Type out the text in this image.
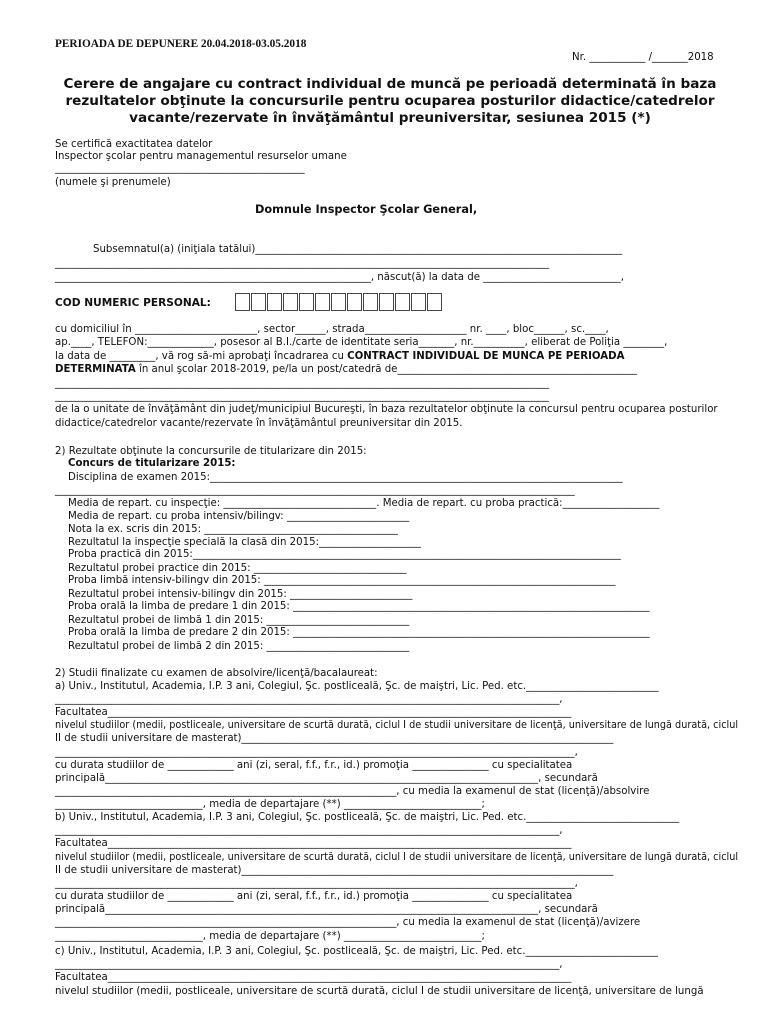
PERIOADA DE DEPUNERE 20.04.2018-03.05.2018
Nr. ___________ /_______2018
Cerere de angajare cu contract individual de muncă pe perioadă determinată în baza
rezultatelor obţinute la concursurile pentru ocuparea posturilor didactice/catedrelor
vacante/rezervate în învăţământul preuniversitar, sesiunea 2015 (*)
Se certifică exactitatea datelor
Inspector şcolar pentru managementul resurselor umane
_________________________________________________
(numele şi prenumele)
Domnule Inspector Şcolar General,
Subsemnatul(a) (iniţiala tatălui)________________________________________________________________________
_________________________________________________________________________________________________
______________________________________________________________, născut(ă) la data de ___________________________,
COD NUMERIC PERSONAL:
cu domiciliul în ________________________, sector______, strada____________________ nr. ____, bloc______, sc.____,
ap.____, TELEFON:_____________, posesor al B.I./carte de identitate seria_______, nr.__________, eliberat de Poliţia ________,
la data de _________, vă rog să-mi aprobaţi încadrarea cu CONTRACT INDIVIDUAL DE MUNCA PE PERIOADA
DETERMINATA în anul şcolar 2018-2019, pe/la un post/catedră de_______________________________________________
_________________________________________________________________________________________________
_________________________________________________________________________________________________
de la o unitate de învăţământ din judeţ/municipiul Bucureşti, în baza rezultatelor obţinute la concursul pentru ocuparea posturilor
didactice/catedrelor vacante/rezervate în învăţământul preuniversitar din 2015.
2) Rezultate obţinute la concursurile de titularizare din 2015:
Concurs de titularizare 2015:
Disciplina de examen 2015:_________________________________________________________________________________
______________________________________________________________________________________________________
Media de repart. cu inspecţie: ______________________________. Media de repart. cu proba practică:___________________
Media de repart. cu proba intensiv/bilingv: ________________________
Nota la ex. scris din 2015: ______________________________________
Rezultatul la inspecţie specială la clasă din 2015:____________________
Proba practică din 2015:____________________________________________________________________________________
Rezultatul probei practice din 2015: ______________________________
Proba limbă intensiv-bilingv din 2015: _____________________________________________________________________
Rezultatul probei intensiv-bilingv din 2015: ________________________
Proba orală la limba de predare 1 din 2015: ______________________________________________________________________
Rezultatul probei de limbă 1 din 2015: ____________________________
Proba orală la limba de predare 2 din 2015: ______________________________________________________________________
Rezultatul probei de limbă 2 din 2015: ____________________________
2) Studii finalizate cu examen de absolvire/licenţă/bacalaureat:
a) Univ., Institutul, Academia, I.P. 3 ani, Colegiul, Şc. postliceală, Şc. de maiştri, Lic. Ped. etc.__________________________
___________________________________________________________________________________________________,
Facultatea___________________________________________________________________________________________
nivelul studiilor (medii, postliceale, universitare de scurtă durată, ciclul I de studii universitare de licenţă, universitare de lungă durată, ciclul
II de studii universitare de masterat)_________________________________________________________________________
______________________________________________________________________________________________________,
cu durata studiilor de _____________ ani (zi, seral, f.f., f.r., id.) promoţia _______________ cu specialitatea
principală_____________________________________________________________________________________, secundară
___________________________________________________________________, cu media la examenul de stat (licenţă)/absolvire
_____________________________, media de departajare (**) ___________________________;
b) Univ., Institutul, Academia, I.P. 3 ani, Colegiul, Şc. postliceală, Şc. de maiştri, Lic. Ped. etc.______________________________
___________________________________________________________________________________________________,
Facultatea___________________________________________________________________________________________
nivelul studiilor (medii, postliceale, universitare de scurtă durată, ciclul I de studii universitare de licenţă, universitare de lungă durată, ciclul
II de studii universitare de masterat)_________________________________________________________________________
______________________________________________________________________________________________________,
cu durata studiilor de _____________ ani (zi, seral, f.f., f.r., id.) promoţia _______________ cu specialitatea
principală_____________________________________________________________________________________, secundară
___________________________________________________________________, cu media la examenul de stat (licenţă)/avizere
_____________________________, media de departajare (**) ___________________________;
c) Univ., Institutul, Academia, I.P. 3 ani, Colegiul, Şc. postliceală, Şc. de maiştri, Lic. Ped. etc.__________________________
___________________________________________________________________________________________________,
Facultatea___________________________________________________________________________________________
nivelul studiilor (medii, postliceale, universitare de scurtă durată, ciclul I de studii universitare de licenţă, universitare de lungă
